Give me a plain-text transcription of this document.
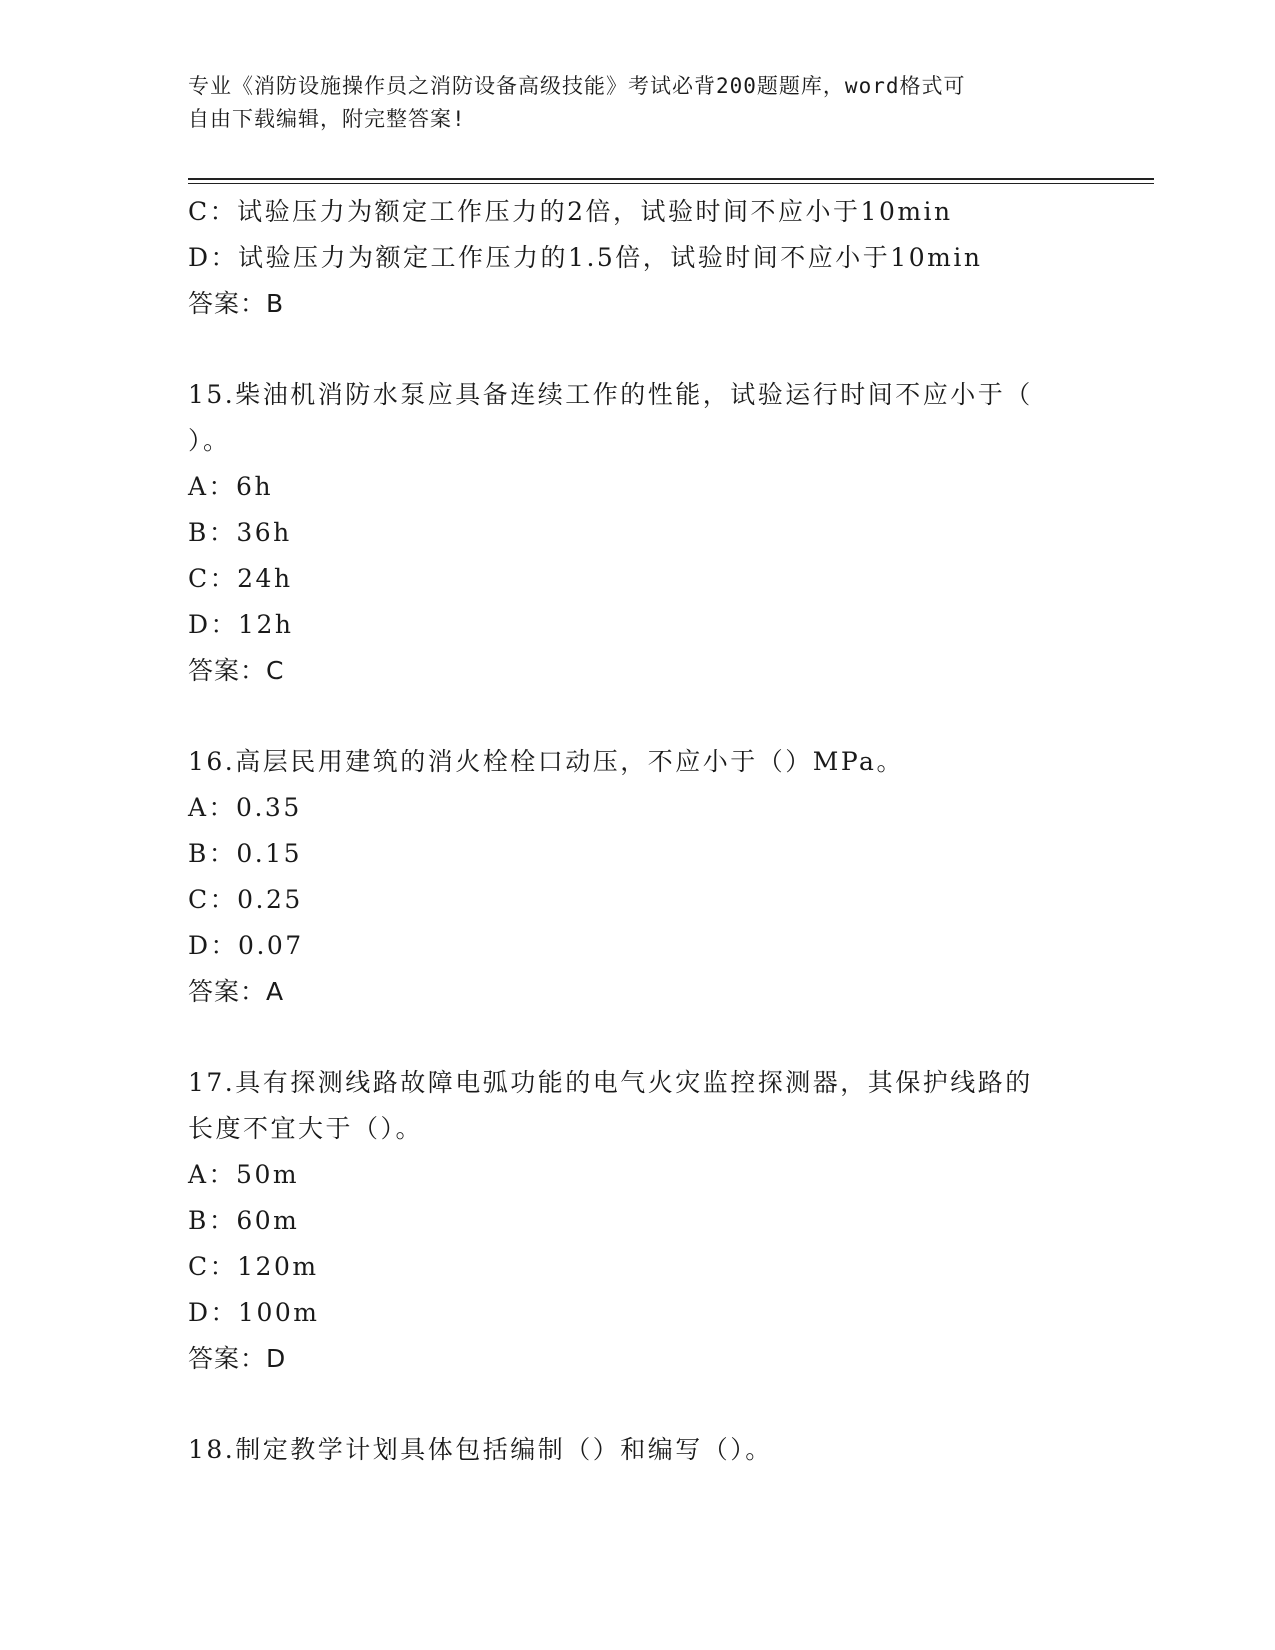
专业《消防设施操作员之消防设备高级技能》考试必背200题题库，word格式可
自由下载编辑，附完整答案!
C：试验压力为额定工作压力的2倍，试验时间不应小于10min
D：试验压力为额定工作压力的1.5倍，试验时间不应小于10min
答案：B
15.柴油机消防水泵应具备连续工作的性能，试验运行时间不应小于（
）。
A：6h
B：36h
C：24h
D：12h
答案：C
16.高层民用建筑的消火栓栓口动压，不应小于（）MPa。
A：0.35
B：0.15
C：0.25
D：0.07
答案：A
17.具有探测线路故障电弧功能的电气火灾监控探测器，其保护线路的
长度不宜大于（）。
A：50m
B：60m
C：120m
D：100m
答案：D
18.制定教学计划具体包括编制（）和编写（）。
